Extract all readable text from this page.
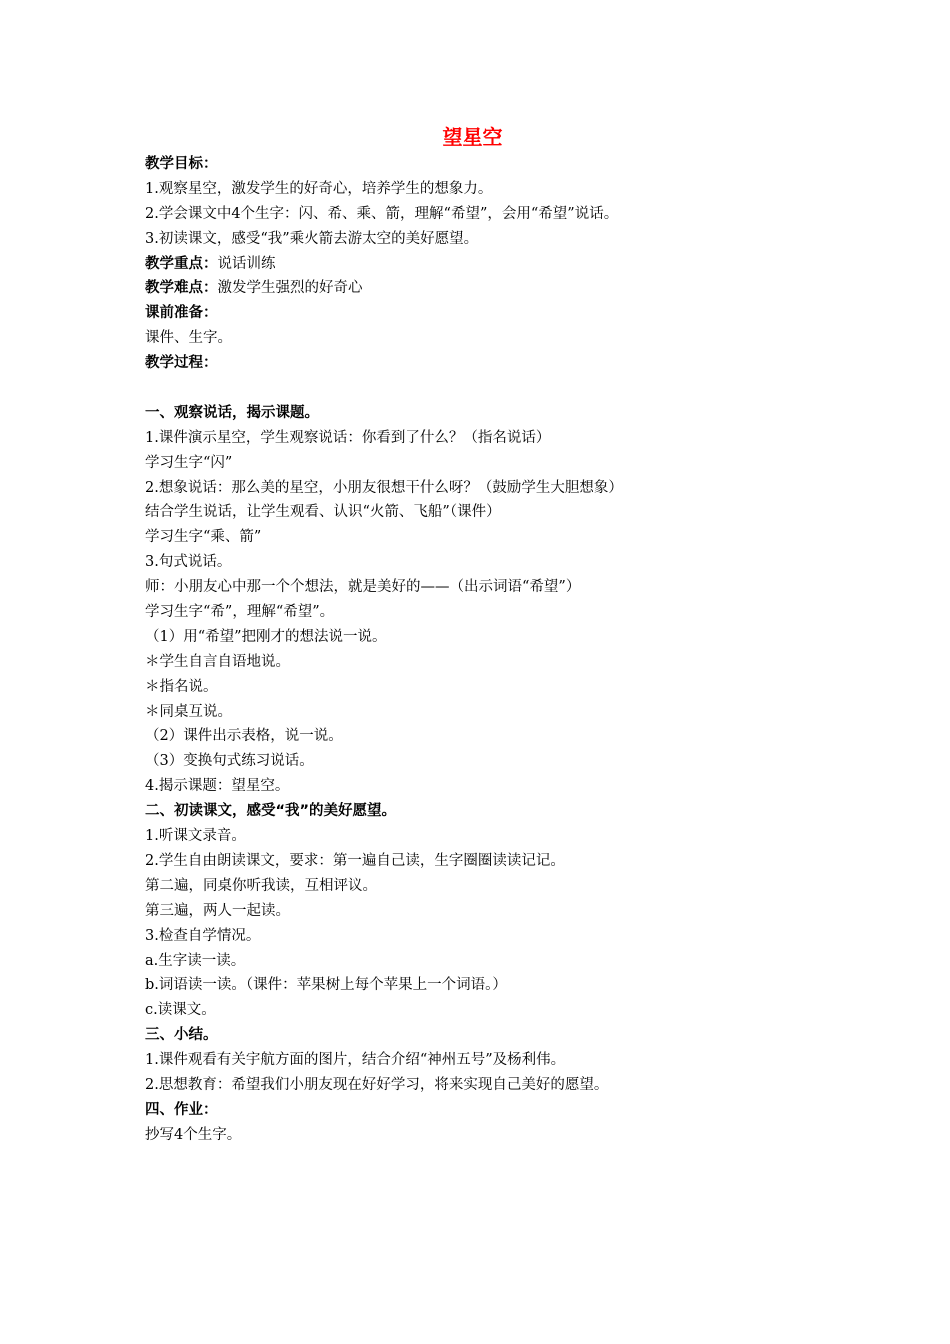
望星空
教学目标：
1.观察星空，激发学生的好奇心，培养学生的想象力。
2.学会课文中4个生字：闪、希、乘、箭，理解“希望”，会用“希望”说话。
3.初读课文，感受“我”乘火箭去游太空的美好愿望。
教学重点：说话训练
教学难点：激发学生强烈的好奇心
课前准备：
课件、生字。
教学过程：
一、观察说话，揭示课题。
1.课件演示星空，学生观察说话：你看到了什么？（指名说话）
学习生字“闪”
2.想象说话：那么美的星空，小朋友很想干什么呀？（鼓励学生大胆想象）
结合学生说话，让学生观看、认识“火箭、飞船”（课件）
学习生字“乘、箭”
3.句式说话。
师：小朋友心中那一个个想法，就是美好的——（出示词语“希望”）
学习生字“希”，理解“希望”。
（1）用“希望”把刚才的想法说一说。
＊学生自言自语地说。
＊指名说。
＊同桌互说。
（2）课件出示表格，说一说。
（3）变换句式练习说话。
4.揭示课题：望星空。
二、初读课文，感受“我”的美好愿望。
1.听课文录音。
2.学生自由朗读课文，要求：第一遍自己读，生字圈圈读读记记。
第二遍，同桌你听我读，互相评议。
第三遍，两人一起读。
3.检查自学情况。
a.生字读一读。
b.词语读一读。（课件：苹果树上每个苹果上一个词语。）
c.读课文。
三、小结。
1.课件观看有关宇航方面的图片，结合介绍“神州五号”及杨利伟。
2.思想教育：希望我们小朋友现在好好学习，将来实现自己美好的愿望。
四、作业：
抄写4个生字。
